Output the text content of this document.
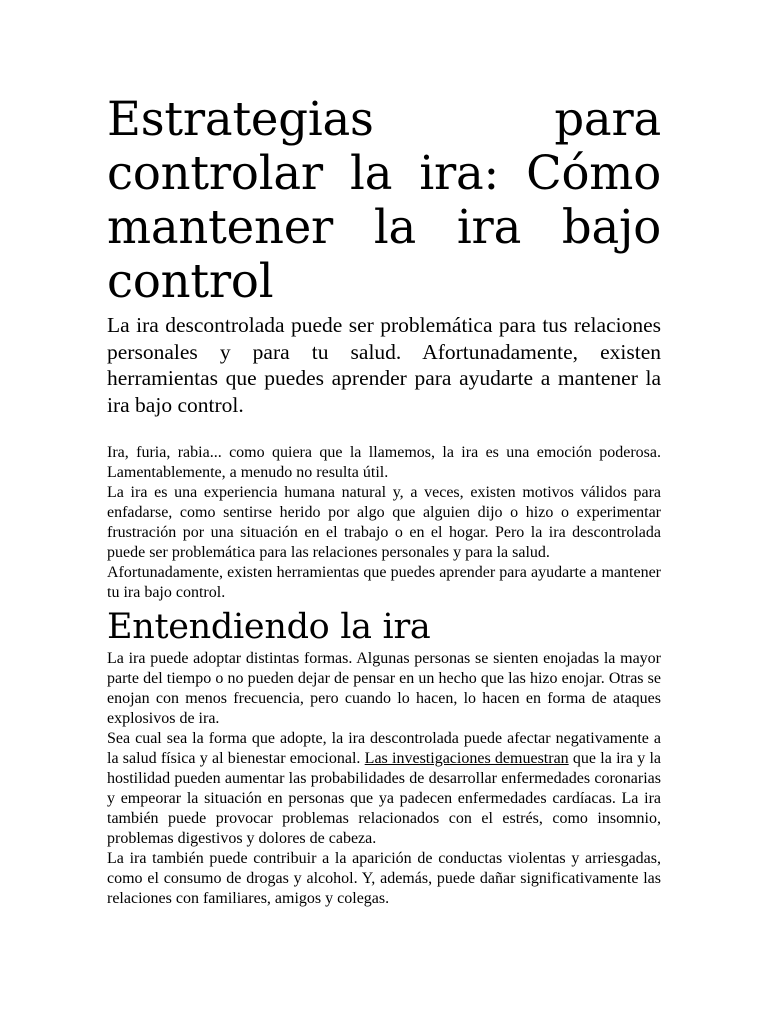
Estrategias para controlar la ira: Cómo mantener la ira bajo control

La ira descontrolada puede ser problemática para tus relaciones personales y para tu salud. Afortunadamente, existen herramientas que puedes aprender para ayudarte a mantener la ira bajo control.

Ira, furia, rabia... como quiera que la llamemos, la ira es una emoción poderosa. Lamentablemente, a menudo no resulta útil.

La ira es una experiencia humana natural y, a veces, existen motivos válidos para enfadarse, como sentirse herido por algo que alguien dijo o hizo o experimentar frustración por una situación en el trabajo o en el hogar. Pero la ira descontrolada puede ser problemática para las relaciones personales y para la salud.

Afortunadamente, existen herramientas que puedes aprender para ayudarte a mantener tu ira bajo control.

Entendiendo la ira

La ira puede adoptar distintas formas. Algunas personas se sienten enojadas la mayor parte del tiempo o no pueden dejar de pensar en un hecho que las hizo enojar. Otras se enojan con menos frecuencia, pero cuando lo hacen, lo hacen en forma de ataques explosivos de ira.

Sea cual sea la forma que adopte, la ira descontrolada puede afectar negativamente a la salud física y al bienestar emocional. Las investigaciones demuestran que la ira y la hostilidad pueden aumentar las probabilidades de desarrollar enfermedades coronarias y empeorar la situación en personas que ya padecen enfermedades cardíacas. La ira también puede provocar problemas relacionados con el estrés, como insomnio, problemas digestivos y dolores de cabeza.

La ira también puede contribuir a la aparición de conductas violentas y arriesgadas, como el consumo de drogas y alcohol. Y, además, puede dañar significativamente las relaciones con familiares, amigos y colegas.
